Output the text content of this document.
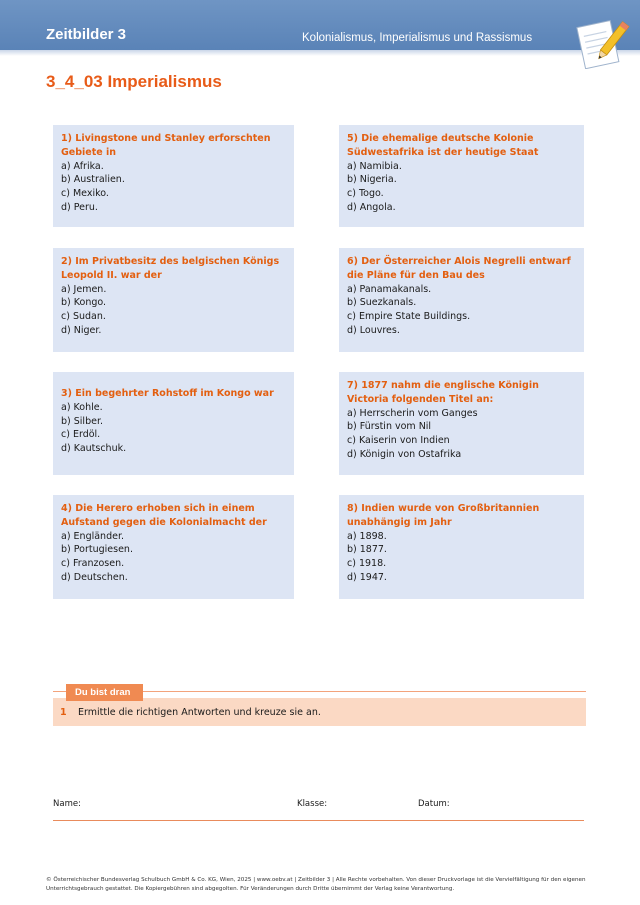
Zeitbilder 3	Kolonialismus, Imperialismus und Rassismus
3_4_03 Imperialismus
1) Livingstone und Stanley erforschten Gebiete in
a) Afrika.
b) Australien.
c) Mexiko.
d) Peru.
5) Die ehemalige deutsche Kolonie Südwestafrika ist der heutige Staat
a) Namibia.
b) Nigeria.
c) Togo.
d) Angola.
2) Im Privatbesitz des belgischen Königs Leopold II. war der
a) Jemen.
b) Kongo.
c) Sudan.
d) Niger.
6) Der Österreicher Alois Negrelli entwarf die Pläne für den Bau des
a) Panamakanals.
b) Suezkanals.
c) Empire State Buildings.
d) Louvres.
3) Ein begehrter Rohstoff im Kongo war
a) Kohle.
b) Silber.
c) Erdöl.
d) Kautschuk.
7) 1877 nahm die englische Königin Victoria folgenden Titel an:
a) Herrscherin vom Ganges
b) Fürstin vom Nil
c) Kaiserin von Indien
d) Königin von Ostafrika
4) Die Herero erhoben sich in einem Aufstand gegen die Kolonialmacht der
a) Engländer.
b) Portugiesen.
c) Franzosen.
d) Deutschen.
8) Indien wurde von Großbritannien unabhängig im Jahr
a) 1898.
b) 1877.
c) 1918.
d) 1947.
Du bist dran
1 Ermittle die richtigen Antworten und kreuze sie an.
Name:	Klasse:	Datum:
© Österreichischer Bundesverlag Schulbuch GmbH & Co. KG, Wien, 2025 | www.oebv.at | Zeitbilder 3 | Alle Rechte vorbehalten. Von dieser Druckvorlage ist die Vervielfältigung für den eigenen
Unterrichtsgebrauch gestattet. Die Kopiergebühren sind abgegolten. Für Veränderungen durch Dritte übernimmt der Verlag keine Verantwortung.
